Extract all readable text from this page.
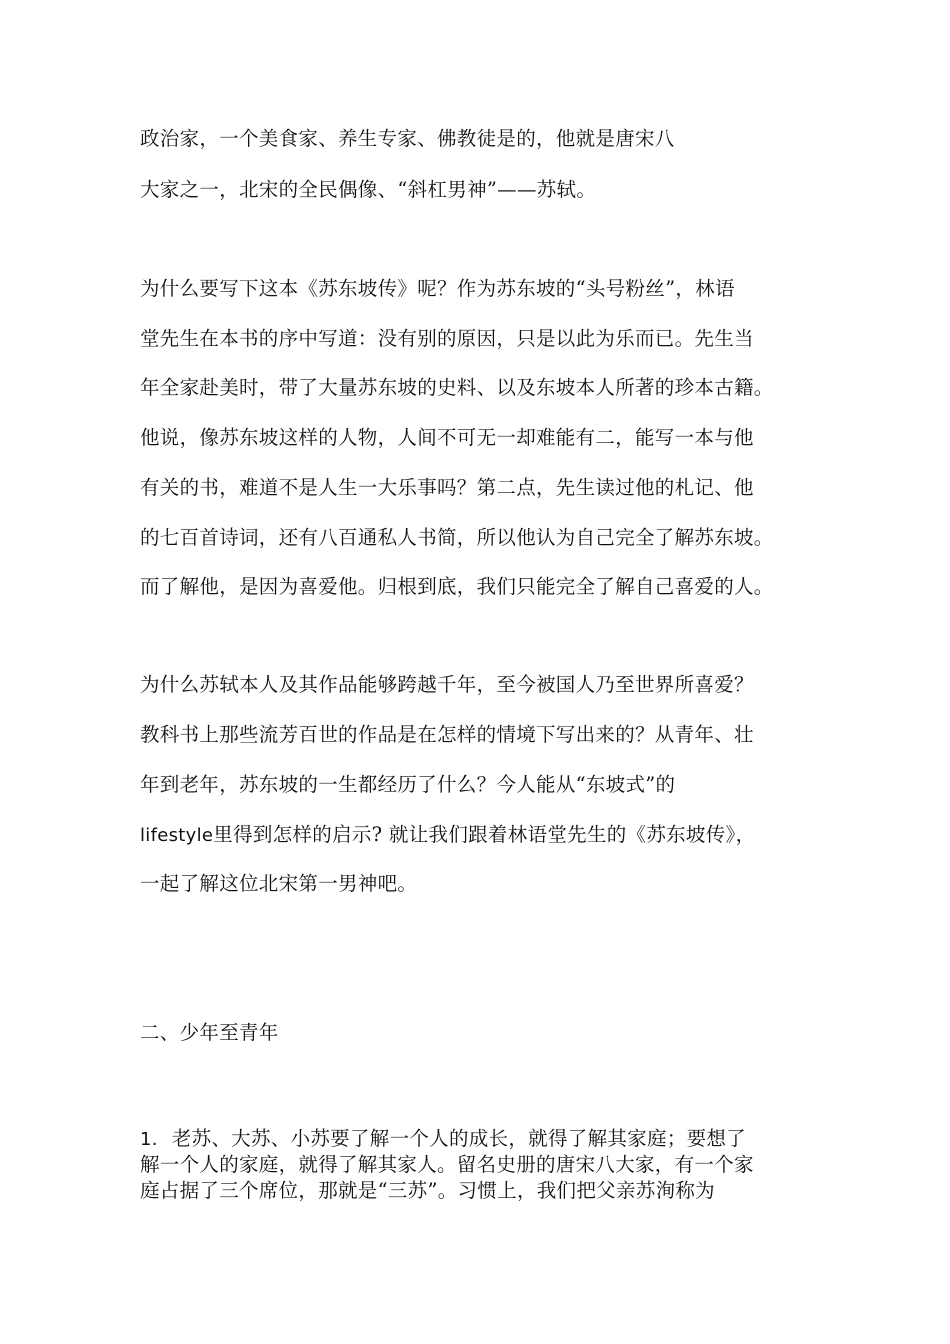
政治家，一个美食家、养生专家、佛教徒是的，他就是唐宋八
大家之一，北宋的全民偶像、“斜杠男神”——苏轼。
为什么要写下这本《苏东坡传》呢？作为苏东坡的“头号粉丝”，林语
堂先生在本书的序中写道：没有别的原因，只是以此为乐而已。先生当
年全家赴美时，带了大量苏东坡的史料、以及东坡本人所著的珍本古籍。
他说，像苏东坡这样的人物，人间不可无一却难能有二，能写一本与他
有关的书，难道不是人生一大乐事吗？第二点，先生读过他的札记、他
的七百首诗词，还有八百通私人书简，所以他认为自己完全了解苏东坡。
而了解他，是因为喜爱他。归根到底，我们只能完全了解自己喜爱的人。
为什么苏轼本人及其作品能够跨越千年，至今被国人乃至世界所喜爱？
教科书上那些流芳百世的作品是在怎样的情境下写出来的？从青年、壮
年到老年，苏东坡的一生都经历了什么？今人能从“东坡式”的
lifestyle里得到怎样的启示? 就让我们跟着林语堂先生的《苏东坡传》，
一起了解这位北宋第一男神吧。
二、少年至青年
1. 老苏、大苏、小苏要了解一个人的成长，就得了解其家庭；要想了
解一个人的家庭，就得了解其家人。留名史册的唐宋八大家，有一个家
庭占据了三个席位，那就是“三苏”。习惯上，我们把父亲苏洵称为
